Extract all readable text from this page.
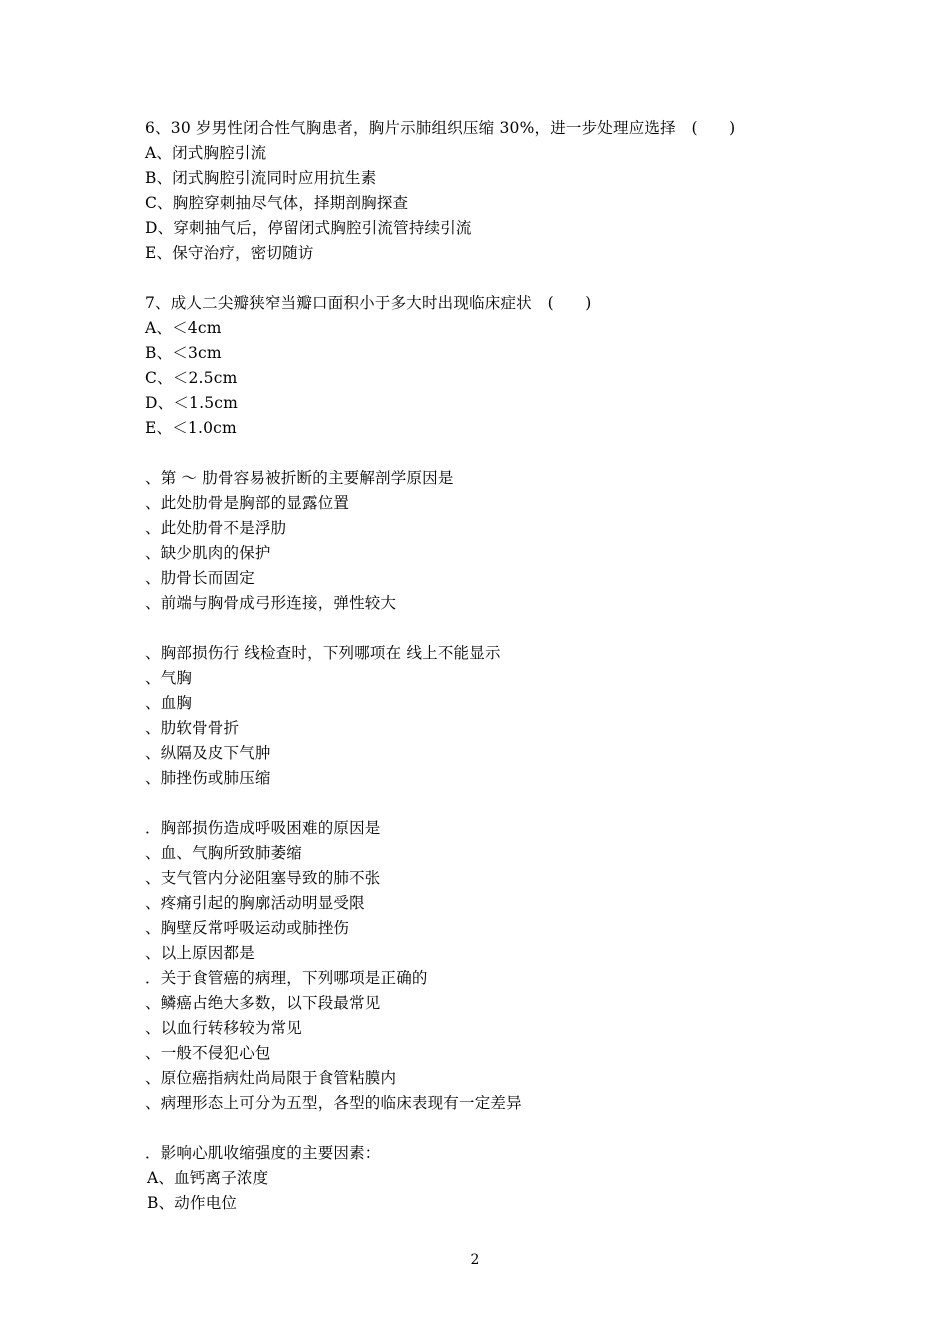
6、30 岁男性闭合性气胸患者，胸片示肺组织压缩 30%，进一步处理应选择　(　　)
A、闭式胸腔引流
B、闭式胸腔引流同时应用抗生素
C、胸腔穿刺抽尽气体，择期剖胸探查
D、穿刺抽气后，停留闭式胸腔引流管持续引流
E、保守治疗，密切随访
7、成人二尖瓣狭窄当瓣口面积小于多大时出现临床症状　(　　)
A、＜4cm
B、＜3cm
C、＜2.5cm
D、＜1.5cm
E、＜1.0cm　
、第 ～ 肋骨容易被折断的主要解剖学原因是
、此处肋骨是胸部的显露位置
、此处肋骨不是浮肋
、缺少肌肉的保护
、肋骨长而固定
、前端与胸骨成弓形连接，弹性较大
、胸部损伤行 线检查时，下列哪项在 线上不能显示
、气胸
、血胸
、肋软骨骨折
、纵隔及皮下气肿
、肺挫伤或肺压缩
．胸部损伤造成呼吸困难的原因是
、血、气胸所致肺萎缩
、支气管内分泌阻塞导致的肺不张
、疼痛引起的胸廓活动明显受限
、胸壁反常呼吸运动或肺挫伤
、以上原因都是
．关于食管癌的病理，下列哪项是正确的
、鳞癌占绝大多数，以下段最常见
、以血行转移较为常见
、一般不侵犯心包
、原位癌指病灶尚局限于食管粘膜内
、病理形态上可分为五型，各型的临床表现有一定差异
．影响心肌收缩强度的主要因素：
A、血钙离子浓度
B、动作电位
2
